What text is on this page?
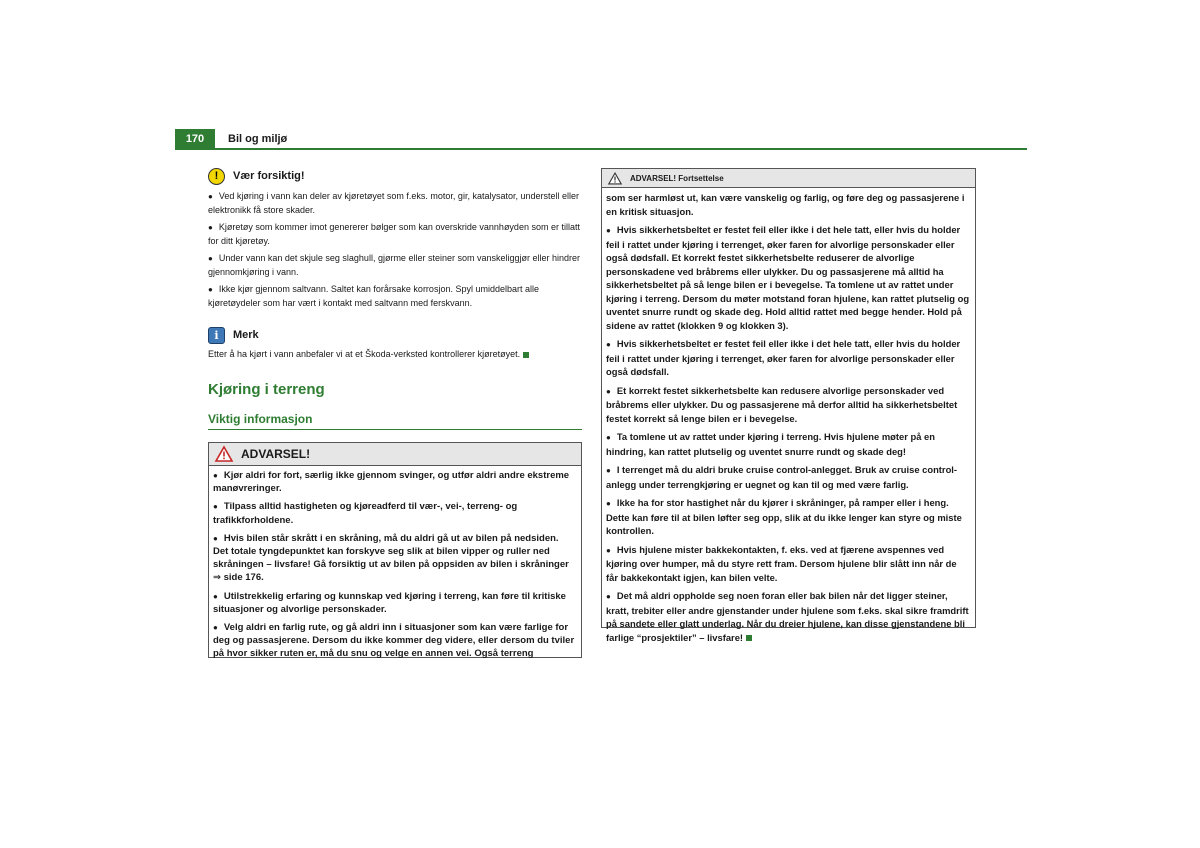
170	Bil og miljø
!	Vær forsiktig!
● Ved kjøring i vann kan deler av kjøretøyet som f.eks. motor, gir, katalysator, understell eller elektronikk få store skader.
● Kjøretøy som kommer imot genererer bølger som kan overskride vannhøyden som er tillatt for ditt kjøretøy.
● Under vann kan det skjule seg slaghull, gjørme eller steiner som vanskeliggjør eller hindrer gjennomkjøring i vann.
● Ikke kjør gjennom saltvann. Saltet kan forårsake korrosjon. Spyl umiddelbart alle kjøretøydeler som har vært i kontakt med saltvann med ferskvann.
i	Merk
Etter å ha kjørt i vann anbefaler vi at et Škoda-verksted kontrollerer kjøretøyet.
Kjøring i terreng
Viktig informasjon
ADVARSEL!

● Kjør aldri for fort, særlig ikke gjennom svinger, og utfør aldri andre ekstreme manøvreringer.

● Tilpass alltid hastigheten og kjøreadferd til vær-, vei-, terreng- og trafikkforholdene.

● Hvis bilen står skrått i en skråning, må du aldri gå ut av bilen på nedsiden. Det totale tyngdepunktet kan forskyve seg slik at bilen vipper og ruller ned skråningen – livsfare! Gå forsiktig ut av bilen på oppsiden av bilen i skråninger ⇒ side 176.

● Utilstrekkelig erfaring og kunnskap ved kjøring i terreng, kan føre til kritiske situasjoner og alvorlige personskader.

● Velg aldri en farlig rute, og gå aldri inn i situasjoner som kan være farlige for deg og passasjerene. Dersom du ikke kommer deg videre, eller dersom du tviler på hvor sikker ruten er, må du snu og velge en annen vei. Også terreng

ADVARSEL! Fortsettelse

som ser harmløst ut, kan være vanskelig og farlig, og føre deg og passasjerene i en kritisk situasjon.

● Hvis sikkerhetsbeltet er festet feil eller ikke i det hele tatt, eller hvis du holder feil i rattet under kjøring i terrenget, øker faren for alvorlige personskader eller også dødsfall. Et korrekt festet sikkerhetsbelte reduserer de alvorlige personskadene ved bråbrems eller ulykker. Du og passasjerene må alltid ha sikkerhetsbeltet på så lenge bilen er i bevegelse. Ta tomlene ut av rattet under kjøring i terreng. Dersom du møter motstand foran hjulene, kan rattet plutselig og uventet snurre rundt og skade deg. Hold alltid rattet med begge hender. Hold på sidene av rattet (klokken 9 og klokken 3).

● Hvis sikkerhetsbeltet er festet feil eller ikke i det hele tatt, eller hvis du holder feil i rattet under kjøring i terrenget, øker faren for alvorlige personskader eller også dødsfall.

● Et korrekt festet sikkerhetsbelte kan redusere alvorlige personskader ved bråbrems eller ulykker. Du og passasjerene må derfor alltid ha sikkerhetsbeltet festet korrekt så lenge bilen er i bevegelse.

● Ta tomlene ut av rattet under kjøring i terreng. Hvis hjulene møter på en hindring, kan rattet plutselig og uventet snurre rundt og skade deg!

● I terrenget må du aldri bruke cruise control-anlegget. Bruk av cruise control-anlegg under terrengkjøring er uegnet og kan til og med være farlig.

● Ikke ha for stor hastighet når du kjører i skråninger, på ramper eller i heng. Dette kan føre til at bilen løfter seg opp, slik at du ikke lenger kan styre og miste kontrollen.

● Hvis hjulene mister bakkekontakten, f. eks. ved at fjærene avspennes ved kjøring over humper, må du styre rett fram. Dersom hjulene blir slått inn når de får bakkekontakt igjen, kan bilen velte.

● Det må aldri oppholde seg noen foran eller bak bilen når det ligger steiner, kratt, trebiter eller andre gjenstander under hjulene som f.eks. skal sikre framdrift på sandete eller glatt underlag. Når du dreier hjulene, kan disse gjenstandene bli farlige “prosjektiler” – livsfare!
